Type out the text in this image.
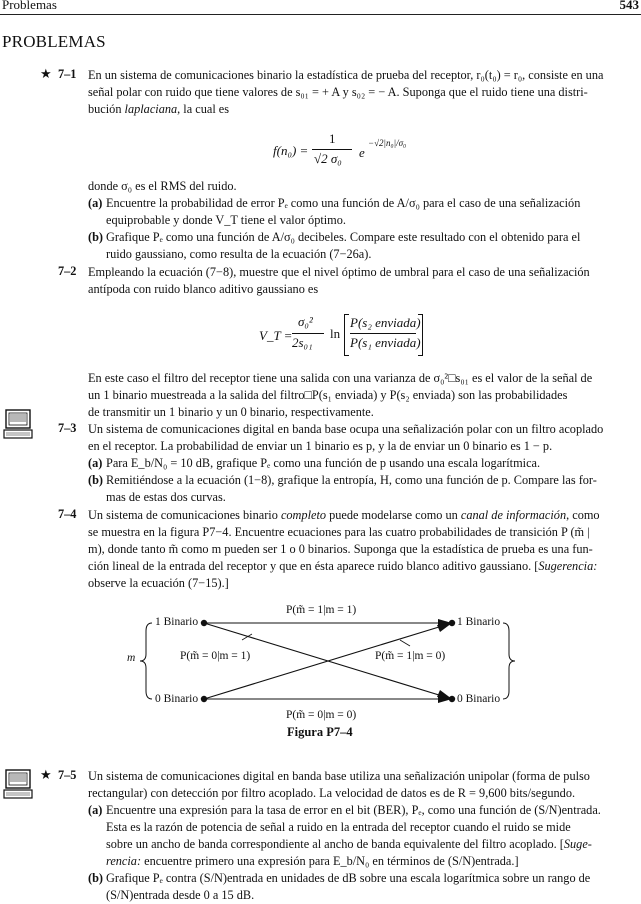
Problemas	543
PROBLEMAS
★ 7–1 En un sistema de comunicaciones binario la estadística de prueba del receptor, r₀(t₀) = r₀, consiste en una
señal polar con ruido que tiene valores de s₀₁ = + A y s₀₂ = − A. Suponga que el ruido tiene una distri-
bución laplaciana, la cual es
f(n₀) =
1
√2 σ₀ e
−√2|n₀|/σ₀
donde σ₀ es el RMS del ruido.
(a) Encuentre la probabilidad de error Pₑ como una función de A/σ₀ para el caso de una señalización
equiprobable y donde V_T tiene el valor óptimo.
(b) Grafique Pₑ como una función de A/σ₀ decibeles. Compare este resultado con el obtenido para el
ruido gaussiano, como resulta de la ecuación (7−26a).
7–2 Empleando la ecuación (7−8), muestre que el nivel óptimo de umbral para el caso de una señalización
antípoda con ruido blanco aditivo gaussiano es
V_T =
σ₀²
2s₀₁
ln
P(s₂ enviada)
P(s₁ enviada)
En este caso el filtro del receptor tiene una salida con una varianza de σ₀²□s₀₁ es el valor de la señal de
un 1 binario muestreada a la salida del filtro□P(s₁ enviada) y P(s₂ enviada) son las probabilidades
de transmitir un 1 binario y un 0 binario, respectivamente.
7–3 Un sistema de comunicaciones digital en banda base ocupa una señalización polar con un filtro acoplado
en el receptor. La probabilidad de enviar un 1 binario es p, y la de enviar un 0 binario es 1 − p.
(a) Para E_b/N₀ = 10 dB, grafique Pₑ como una función de p usando una escala logarítmica.
(b) Remitiéndose a la ecuación (1−8), grafique la entropía, H, como una función de p. Compare las for-
mas de estas dos curvas.
7–4 Un sistema de comunicaciones binario completo puede modelarse como un canal de información, como
se muestra en la figura P7−4. Encuentre ecuaciones para las cuatro probabilidades de transición P (m̃ |
m), donde tanto m̃ como m pueden ser 1 o 0 binarios. Suponga que la estadística de prueba es una fun-
ción lineal de la entrada del receptor y que en ésta aparece ruido blanco aditivo gaussiano. [Sugerencia:
observe la ecuación (7−15).]
P(m̃ = 1|m = 1)
P(m̃ = 0|m = 1)	P(m̃ = 1|m = 0)
P(m̃ = 0|m = 0)
1 Binario
0 Binario
1 Binario
0 Binario
m
Figura P7–4
★ 7–5 Un sistema de comunicaciones digital en banda base utiliza una señalización unipolar (forma de pulso
rectangular) con detección por filtro acoplado. La velocidad de datos es de R = 9,600 bits/segundo.
(a) Encuentre una expresión para la tasa de error en el bit (BER), Pₑ, como una función de (S/N)entrada.
Esta es la razón de potencia de señal a ruido en la entrada del receptor cuando el ruido se mide
sobre un ancho de banda correspondiente al ancho de banda equivalente del filtro acoplado. [Suge-
rencia: encuentre primero una expresión para E_b/N₀ en términos de (S/N)entrada.]
(b) Grafique Pₑ contra (S/N)entrada en unidades de dB sobre una escala logarítmica sobre un rango de
(S/N)entrada desde 0 a 15 dB.
